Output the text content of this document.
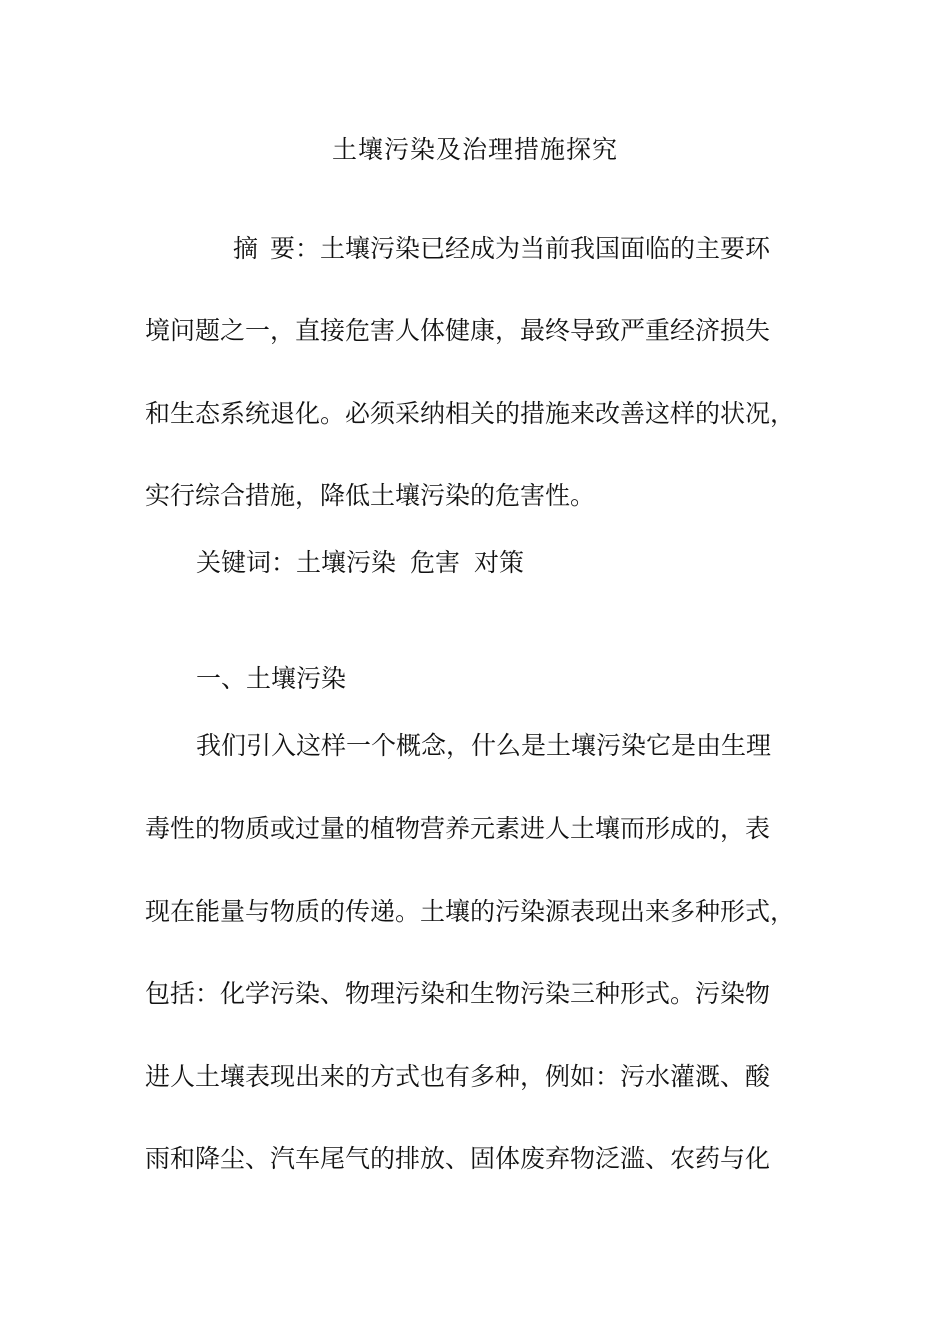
土壤污染及治理措施探究
摘 要：土壤污染已经成为当前我国面临的主要环
境问题之一，直接危害人体健康，最终导致严重经济损失
和生态系统退化。必须采纳相关的措施来改善这样的状况，
实行综合措施，降低土壤污染的危害性。
关键词：土壤污染 危害 对策
一、土壤污染
我们引入这样一个概念，什么是土壤污染它是由生理
毒性的物质或过量的植物营养元素进人土壤而形成的，表
现在能量与物质的传递。土壤的污染源表现出来多种形式，
包括：化学污染、物理污染和生物污染三种形式。污染物
进人土壤表现出来的方式也有多种，例如：污水灌溉、酸
雨和降尘、汽车尾气的排放、固体废弃物泛滥、农药与化
